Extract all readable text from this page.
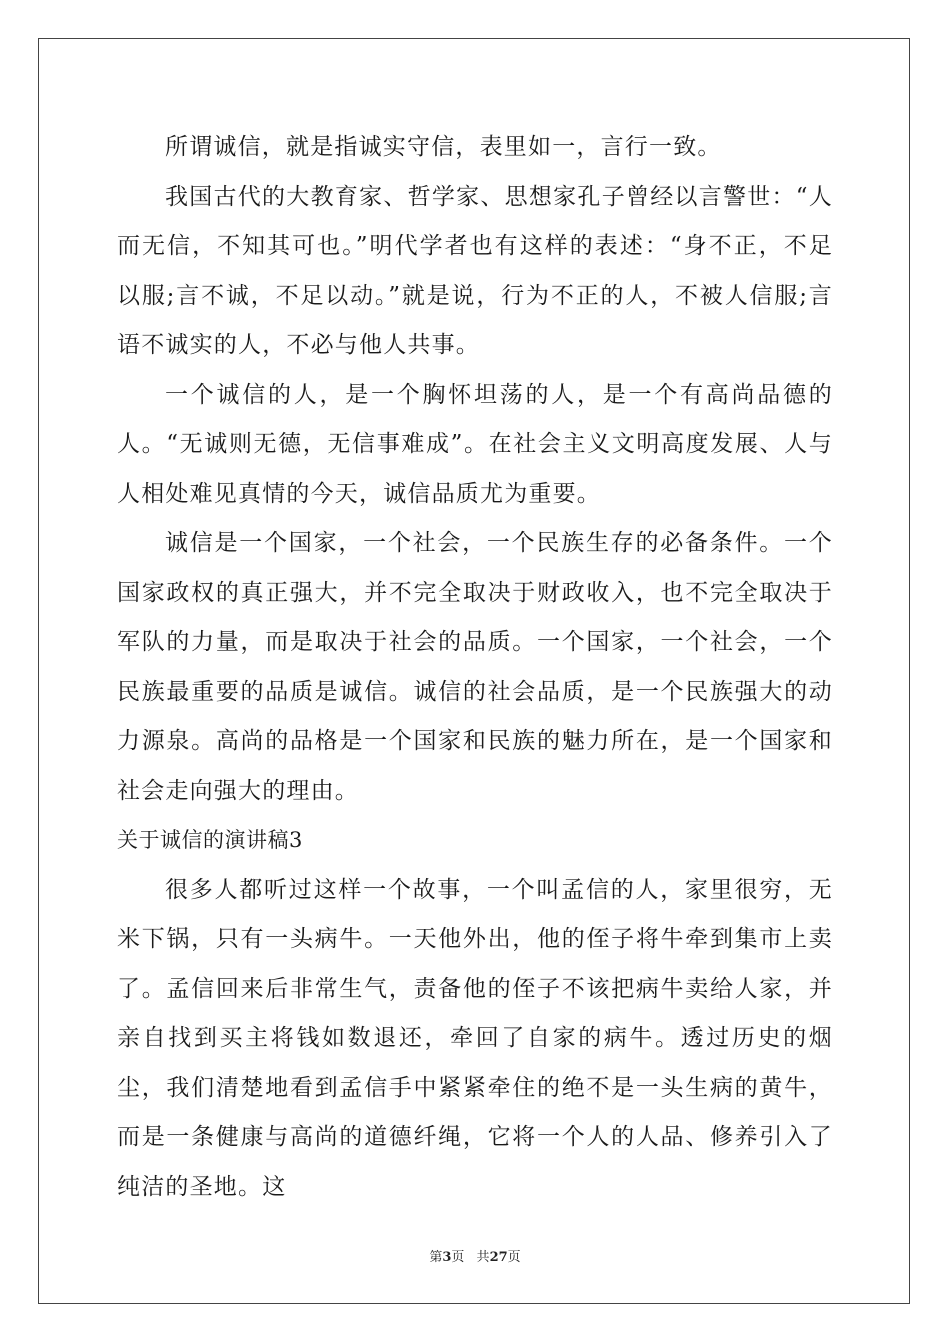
所谓诚信，就是指诚实守信，表里如一，言行一致。

我国古代的大教育家、哲学家、思想家孔子曾经以言警世：“人而无信，不知其可也。”明代学者也有这样的表述：“身不正，不足以服;言不诚，不足以动。”就是说，行为不正的人，不被人信服;言语不诚实的人，不必与他人共事。

一个诚信的人，是一个胸怀坦荡的人，是一个有高尚品德的人。“无诚则无德，无信事难成”。在社会主义文明高度发展、人与人相处难见真情的今天，诚信品质尤为重要。

诚信是一个国家，一个社会，一个民族生存的必备条件。一个国家政权的真正强大，并不完全取决于财政收入，也不完全取决于军队的力量，而是取决于社会的品质。一个国家，一个社会，一个民族最重要的品质是诚信。诚信的社会品质，是一个民族强大的动力源泉。高尚的品格是一个国家和民族的魅力所在，是一个国家和社会走向强大的理由。

关于诚信的演讲稿3

很多人都听过这样一个故事，一个叫孟信的人，家里很穷，无米下锅，只有一头病牛。一天他外出，他的侄子将牛牵到集市上卖了。孟信回来后非常生气，责备他的侄子不该把病牛卖给人家，并亲自找到买主将钱如数退还，牵回了自家的病牛。透过历史的烟尘，我们清楚地看到孟信手中紧紧牵住的绝不是一头生病的黄牛，而是一条健康与高尚的道德纤绳，它将一个人的人品、修养引入了纯洁的圣地。这

第3页 共27页
